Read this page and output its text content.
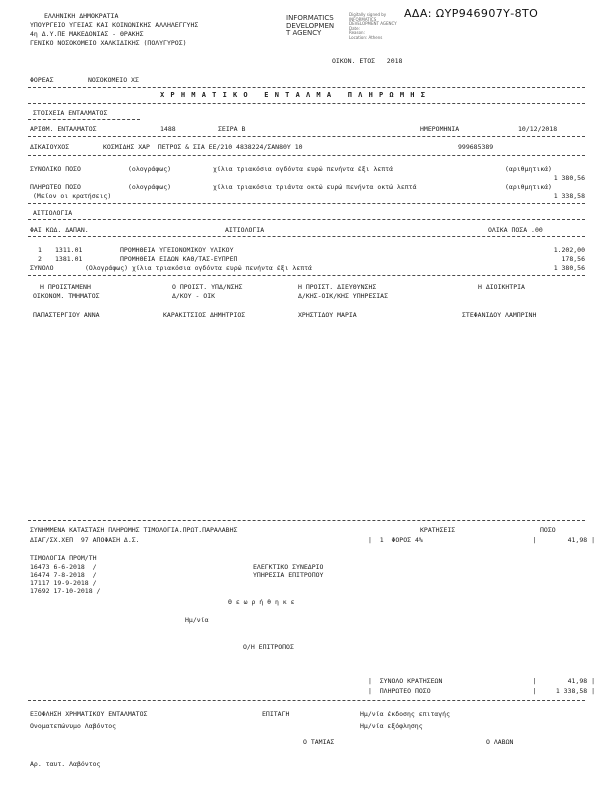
ΑΔΑ: ΩΥΡ946907Υ-8ΤΟ
ΕΛΛΗΝΙΚΗ ΔΗΜΟΚΡΑΤΙΑ
ΥΠΟΥΡΓΕΙΟ ΥΓΕΙΑΣ ΚΑΙ ΚΟΙΝΩΝΙΚΗΣ ΑΛΛΗΛΕΓΓΥΗΣ
4η Δ.Υ.ΠΕ ΜΑΚΕΔΟΝΙΑΣ - ΘΡΑΚΗΣ
ΓΕΝΙΚΟ ΝΟΣΟΚΟΜΕΙΟ ΧΑΛΚΙΔΙΚΗΣ (ΠΟΛΥΓΥΡΟΣ)
INFORMATICS
DEVELOPMEN
T AGENCY
Digitally signed by
INFORMATICS
DEVELOPMENT AGENCY
Date:
Reason:
Location: Athens
ΟΙΚΟΝ. ΕΤΟΣ   2018
ΦΟΡΕΑΣ	ΝΟΣΟΚΟΜΕΙΟ ΧΣ
Χ Ρ Η Μ Α Τ Ι Κ Ο   Ε Ν Τ Α Λ Μ Α   Π Λ Η Ρ Ω Μ Η Σ
ΣΤΟΙΧΕΙΑ ΕΝΤΑΛΜΑΤΟΣ
ΑΡΙΘΜ. ΕΝΤΑΛΜΑΤΟΣ	1488	ΣΕΙΡΑ Β	ΗΜΕΡΟΜΗΝΙΑ	10/12/2018
ΔΙΚΑΙΟΥΧΟΣ	ΚΟΣΜΙΔΗΣ ΧΑΡ  ΠΕΤΡΟΣ & ΣΙΑ ΕΕ/210 4838224/ΣΑΝ80Υ 10	999685389
ΣΥΝΟΛΙΚΟ ΠΟΣΟ	(ολογράφως)	χίλια τριακόσια ογδόντα ευρώ πενήντα έξι λεπτά	(αριθμητικά)
1 380,56
ΠΛΗΡΩΤΕΟ ΠΟΣΟ	(ολογράφως)	χίλια τριακόσια τριάντα οκτώ ευρώ πενήντα οκτώ λεπτά	(αριθμητικά)
(Μείον οι κρατήσεις)	1 338,58
ΑΙΤΙΟΛΟΓΙΑ
ΦΑΙ ΚΩΔ. ΔΑΠΑΝ.	ΑΙΤΙΟΛΟΓΙΑ	ΟΛΙΚΑ ΠΟΣΑ .00
1 1311.01	ΠΡΟΜΗΘΕΙΑ ΥΓΕΙΟΝΟΜΙΚΟΥ ΥΛΙΚΟΥ	1.202,00
2 1381.01	ΠΡΟΜΗΘΕΙΑ ΕΙΔΩΝ ΚΑΘ/ΤΑΣ-ΕΥΠΡΕΠ	178,56
ΣΥΝΟΛΟ	(Ολογράφως) χίλια τριακόσια ογδόντα ευρώ πενήντα έξι λεπτά	1 380,56
Η ΠΡΟΙΣΤΑΜΕΝΗ	Ο ΠΡΟΙΣΤ. ΥΠΔ/ΝΣΗΣ	Η ΠΡΟΙΣΤ. ΔΙΕΥΘΥΝΣΗΣ	Η ΔΙΟΙΚΗΤΡΙΑ
ΟΙΚΟΝΟΜ. ΤΜΗΜΑΤΟΣ	Δ/ΚΟΥ - ΟΙΚ	Δ/ΚΗΣ-ΟΙΚ/ΚΗΣ ΥΠΗΡΕΣΙΑΣ
ΠΑΠΑΣΤΕΡΓΙΟΥ ΑΝΝΑ	ΚΑΡΑΚΙΤΣΙΟΣ ΔΗΜΗΤΡΙΟΣ	ΧΡΗΣΤΙΔΟΥ ΜΑΡΙΑ	ΣΤΕΦΑΝΙΔΟΥ ΛΑΜΠΡΙΝΗ
ΣΥΝΗΜΜΕΝΑ ΚΑΤΑΣΤΑΣΗ ΠΛΗΡΩΜΗΣ ΤΙΜΟΛΟΓΙΑ.ΠΡΩΤ.ΠΑΡΑΛΑΒΗΣ	ΚΡΑΤΗΣΕΙΣ	ΠΟΣΟ
ΔΙΑΓ/ΣΧ.ΧΕΠ  97 ΑΠΟΦΑΣΗ Δ.Σ.	|  1  ΦΟΡΟΣ 4%	|        41,98 |
ΤΙΜΟΛΟΓΙΑ ΠΡΟΜ/ΤΗ
16473 6-6-2018  /
16474 7-8-2018  /
17117 19-9-2018 /
17692 17-10-2018 /
ΕΛΕΓΚΤΙΚΟ ΣΥΝΕΔΡΙΟ
ΥΠΗΡΕΣΙΑ ΕΠΙΤΡΟΠΟΥ
Θ ε ω ρ ή θ η κ ε
Ημ/νία
Ο/Η ΕΠΙΤΡΟΠΟΣ
|  ΣΥΝΟΛΟ ΚΡΑΤΗΣΕΩΝ	|        41,98 |
|  ΠΛΗΡΩΤΕΟ ΠΟΣΟ	|     1 338,58 |
ΕΞΟΦΛΗΣΗ ΧΡΗΜΑΤΙΚΟΥ ΕΝΤΑΛΜΑΤΟΣ	ΕΠΙΤΑΓΗ	Ημ/νία έκδοσης επιταγής
Ονοματεπώνυμο Λαβόντος	Ημ/νία εξόφλησης
Ο ΤΑΜΙΑΣ	Ο ΛΑΒΩΝ
Αρ. ταυτ. Λαβόντος
